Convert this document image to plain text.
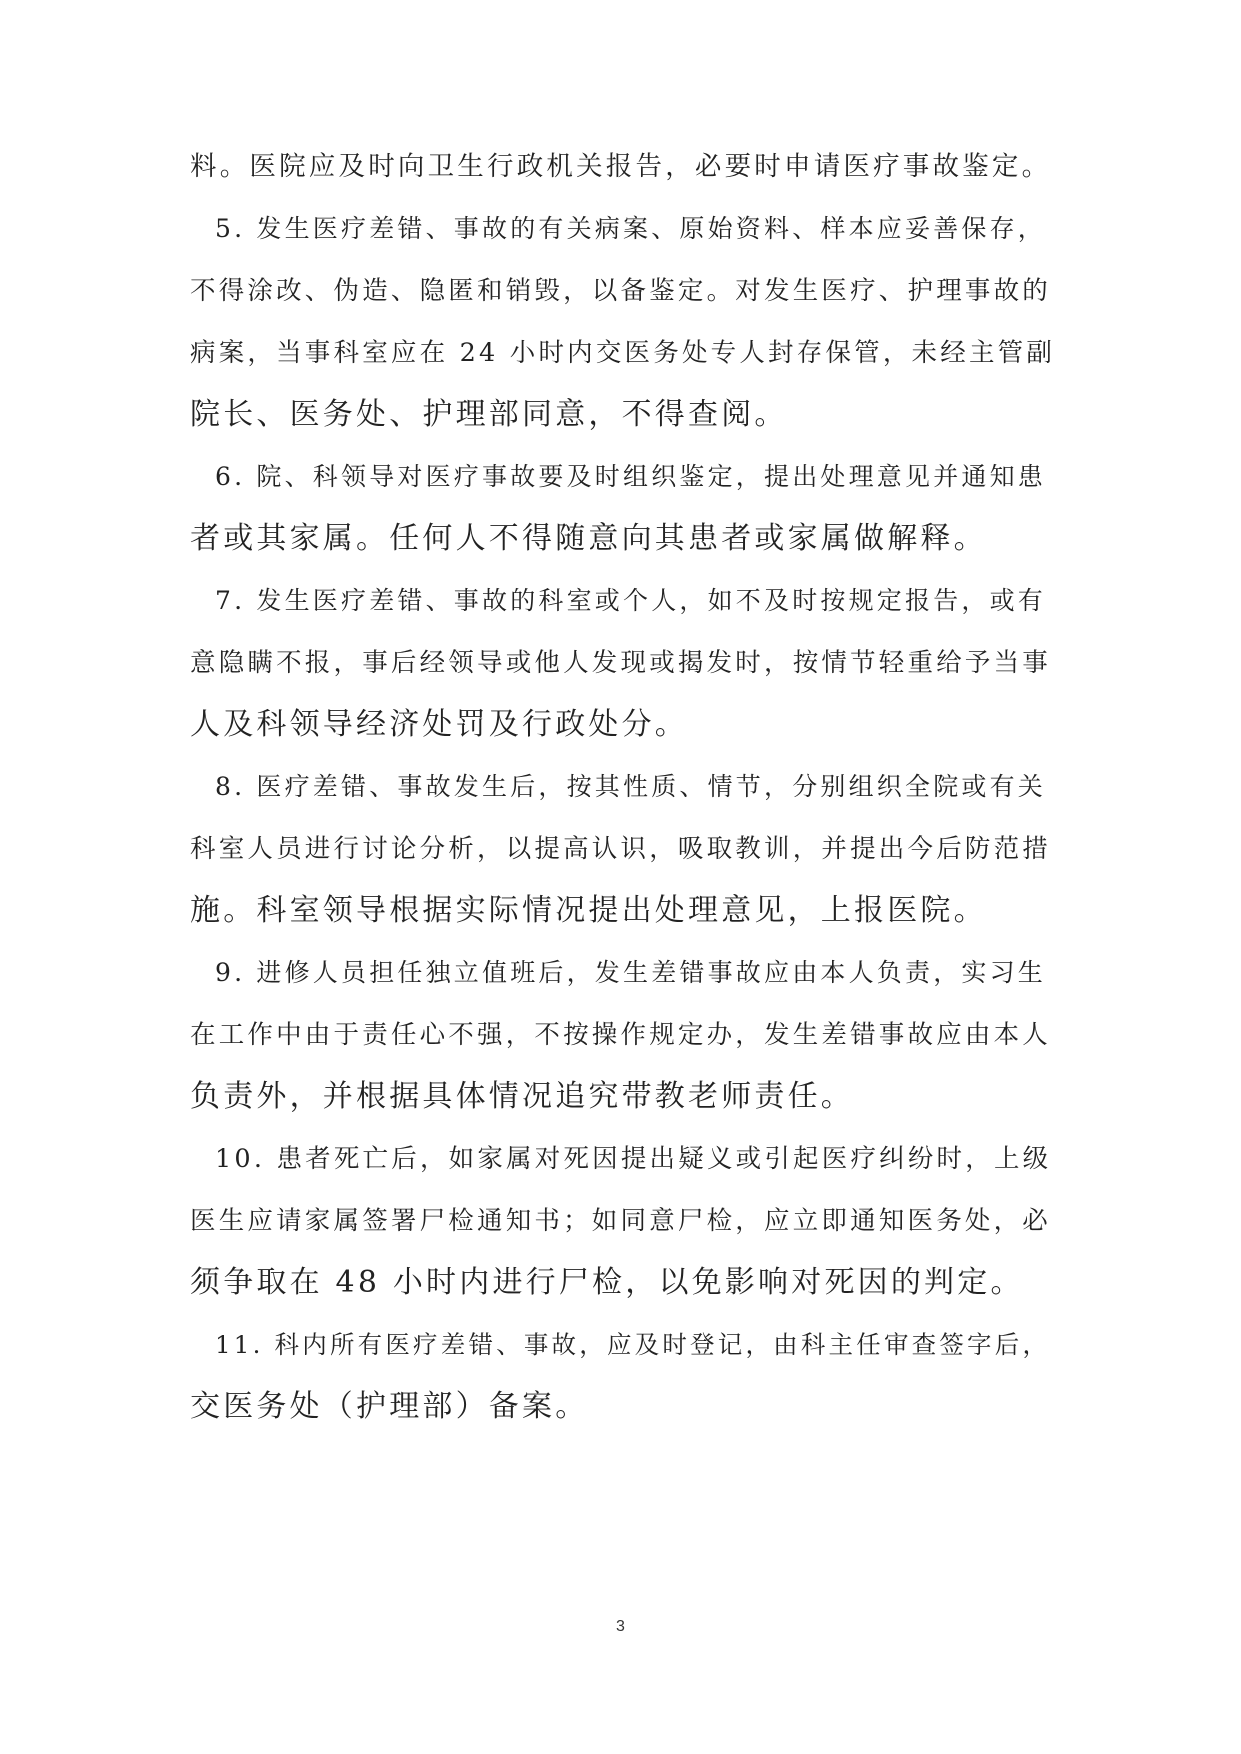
料。医院应及时向卫生行政机关报告，必要时申请医疗事故鉴定。
5. 发生医疗差错、事故的有关病案、原始资料、样本应妥善保存，
不得涂改、伪造、隐匿和销毁，以备鉴定。对发生医疗、护理事故的
病案，当事科室应在 24 小时内交医务处专人封存保管，未经主管副
院长、医务处、护理部同意，不得查阅。
6. 院、科领导对医疗事故要及时组织鉴定，提出处理意见并通知患
者或其家属。任何人不得随意向其患者或家属做解释。
7. 发生医疗差错、事故的科室或个人，如不及时按规定报告，或有
意隐瞒不报，事后经领导或他人发现或揭发时，按情节轻重给予当事
人及科领导经济处罚及行政处分。
8. 医疗差错、事故发生后，按其性质、情节，分别组织全院或有关
科室人员进行讨论分析，以提高认识，吸取教训，并提出今后防范措
施。科室领导根据实际情况提出处理意见，上报医院。
9. 进修人员担任独立值班后，发生差错事故应由本人负责，实习生
在工作中由于责任心不强，不按操作规定办，发生差错事故应由本人
负责外，并根据具体情况追究带教老师责任。
10. 患者死亡后，如家属对死因提出疑义或引起医疗纠纷时，上级
医生应请家属签署尸检通知书；如同意尸检，应立即通知医务处，必
须争取在 48 小时内进行尸检，以免影响对死因的判定。
11. 科内所有医疗差错、事故，应及时登记，由科主任审查签字后，
交医务处（护理部）备案。
3
